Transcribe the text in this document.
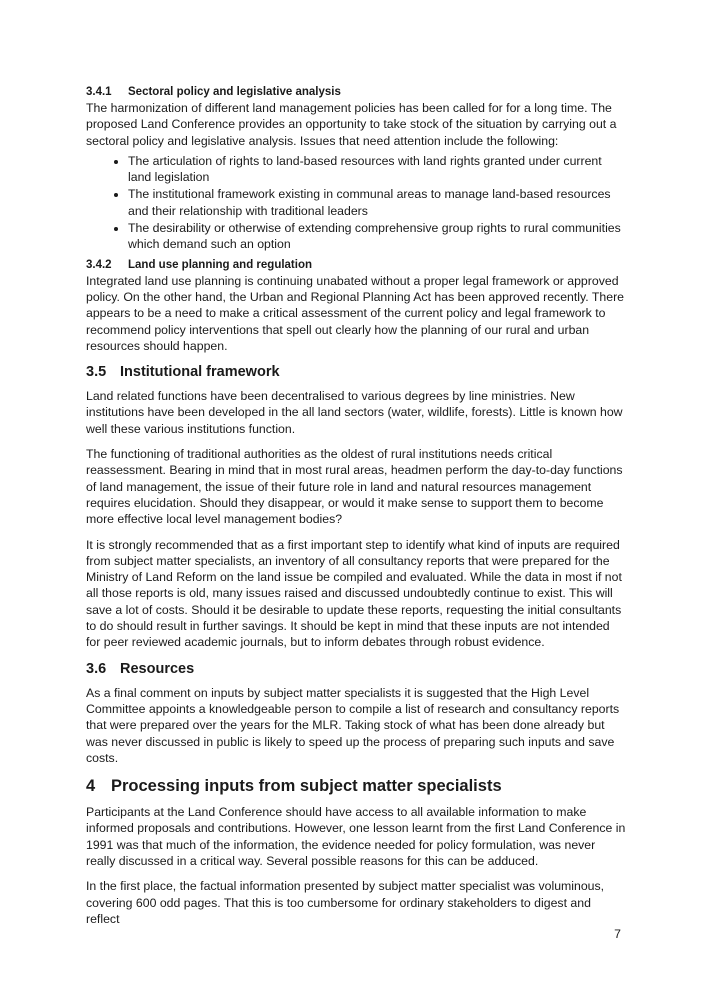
3.4.1 Sectoral policy and legislative analysis

The harmonization of different land management policies has been called for for a long time. The proposed Land Conference provides an opportunity to take stock of the situation by carrying out a sectoral policy and legislative analysis. Issues that need attention include the following:

• The articulation of rights to land-based resources with land rights granted under current land legislation
• The institutional framework existing in communal areas to manage land-based resources and their relationship with traditional leaders
• The desirability or otherwise of extending comprehensive group rights to rural communities which demand such an option
3.4.2 Land use planning and regulation

Integrated land use planning is continuing unabated without a proper legal framework or approved policy. On the other hand, the Urban and Regional Planning Act has been approved recently. There appears to be a need to make a critical assessment of the current policy and legal framework to recommend policy interventions that spell out clearly how the planning of our rural and urban resources should happen.

3.5 Institutional framework

Land related functions have been decentralised to various degrees by line ministries. New institutions have been developed in the all land sectors (water, wildlife, forests). Little is known how well these various institutions function.

The functioning of traditional authorities as the oldest of rural institutions needs critical reassessment. Bearing in mind that in most rural areas, headmen perform the day-to-day functions of land management, the issue of their future role in land and natural resources management requires elucidation. Should they disappear, or would it make sense to support them to become more effective local level management bodies?

It is strongly recommended that as a first important step to identify what kind of inputs are required from subject matter specialists, an inventory of all consultancy reports that were prepared for the Ministry of Land Reform on the land issue be compiled and evaluated. While the data in most if not all those reports is old, many issues raised and discussed undoubtedly continue to exist. This will save a lot of costs. Should it be desirable to update these reports, requesting the initial consultants to do should result in further savings. It should be kept in mind that these inputs are not intended for peer reviewed academic journals, but to inform debates through robust evidence.

3.6 Resources

As a final comment on inputs by subject matter specialists it is suggested that the High Level Committee appoints a knowledgeable person to compile a list of research and consultancy reports that were prepared over the years for the MLR. Taking stock of what has been done already but was never discussed in public is likely to speed up the process of preparing such inputs and save costs.

4 Processing inputs from subject matter specialists

Participants at the Land Conference should have access to all available information to make informed proposals and contributions. However, one lesson learnt from the first Land Conference in 1991 was that much of the information, the evidence needed for policy formulation, was never really discussed in a critical way. Several possible reasons for this can be adduced.

In the first place, the factual information presented by subject matter specialist was voluminous, covering 600 odd pages. That this is too cumbersome for ordinary stakeholders to digest and reflect

7
